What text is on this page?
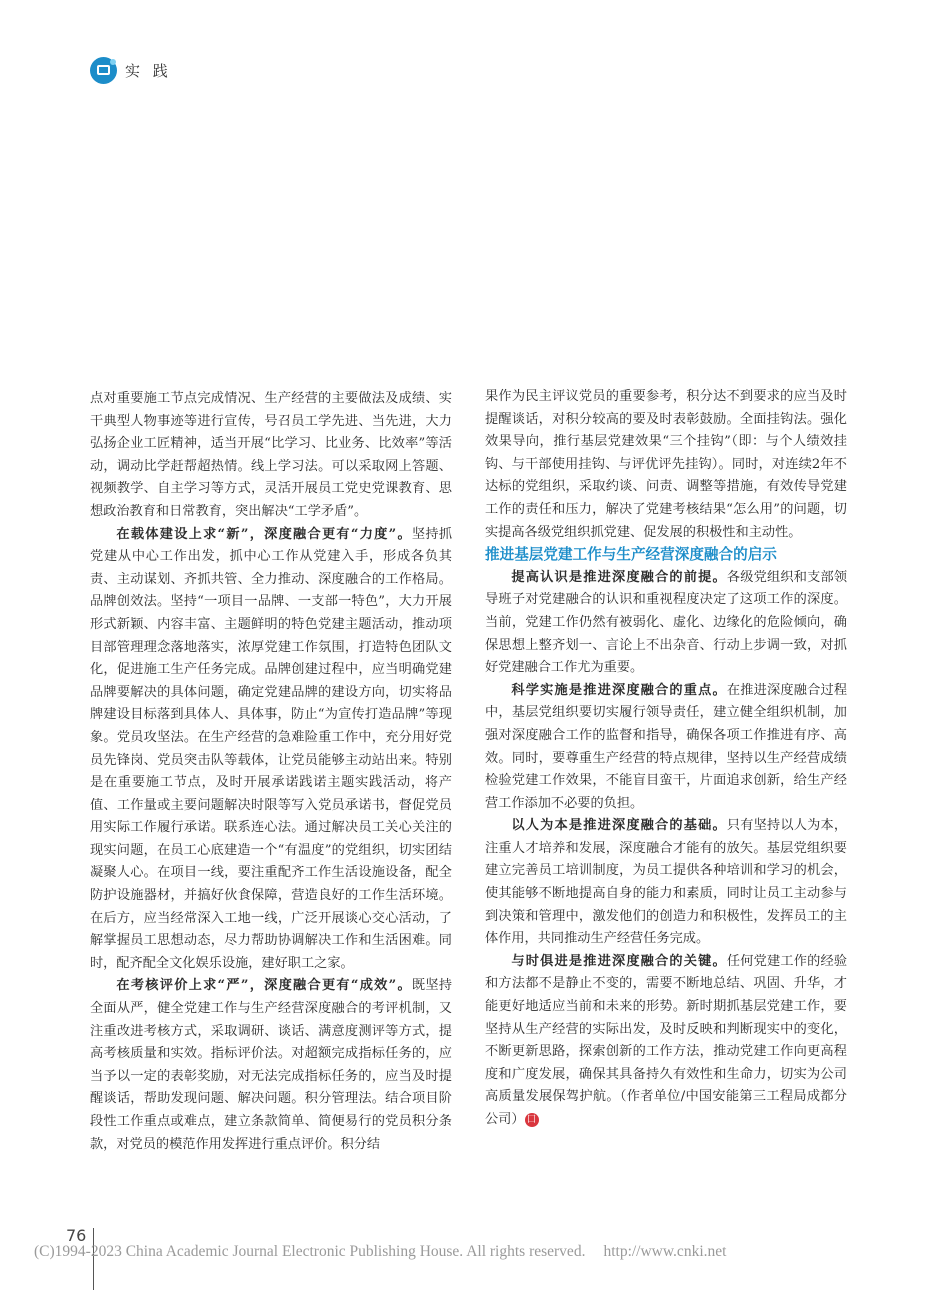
实 践

点对重要施工节点完成情况、生产经营的主要做法及成绩、实干典型人物事迹等进行宣传，号召员工学先进、当先进，大力弘扬企业工匠精神，适当开展“比学习、比业务、比效率”等活动，调动比学赶帮超热情。线上学习法。可以采取网上答题、视频教学、自主学习等方式，灵活开展员工党史党课教育、思想政治教育和日常教育，突出解决“工学矛盾”。

在载体建设上求“新”，深度融合更有“力度”。坚持抓党建从中心工作出发，抓中心工作从党建入手，形成各负其责、主动谋划、齐抓共管、全力推动、深度融合的工作格局。品牌创效法。坚持“一项目一品牌、一支部一特色”，大力开展形式新颖、内容丰富、主题鲜明的特色党建主题活动，推动项目部管理理念落地落实，浓厚党建工作氛围，打造特色团队文化，促进施工生产任务完成。品牌创建过程中，应当明确党建品牌要解决的具体问题，确定党建品牌的建设方向，切实将品牌建设目标落到具体人、具体事，防止“为宣传打造品牌”等现象。党员攻坚法。在生产经营的急难险重工作中，充分用好党员先锋岗、党员突击队等载体，让党员能够主动站出来。特别是在重要施工节点，及时开展承诺践诺主题实践活动，将产值、工作量或主要问题解决时限等写入党员承诺书，督促党员用实际工作履行承诺。联系连心法。通过解决员工关心关注的现实问题，在员工心底建造一个“有温度”的党组织，切实团结凝聚人心。在项目一线，要注重配齐工作生活设施设备，配全防护设施器材，并搞好伙食保障，营造良好的工作生活环境。在后方，应当经常深入工地一线，广泛开展谈心交心活动，了解掌握员工思想动态，尽力帮助协调解决工作和生活困难。同时，配齐配全文化娱乐设施，建好职工之家。

在考核评价上求“严”，深度融合更有“成效”。既坚持全面从严，健全党建工作与生产经营深度融合的考评机制，又注重改进考核方式，采取调研、谈话、满意度测评等方式，提高考核质量和实效。指标评价法。对超额完成指标任务的，应当予以一定的表彰奖励，对无法完成指标任务的，应当及时提醒谈话，帮助发现问题、解决问题。积分管理法。结合项目阶段性工作重点或难点，建立条款简单、简便易行的党员积分条款，对党员的模范作用发挥进行重点评价。积分结

果作为民主评议党员的重要参考，积分达不到要求的应当及时提醒谈话，对积分较高的要及时表彰鼓励。全面挂钩法。强化效果导向，推行基层党建效果“三个挂钩”（即：与个人绩效挂钩、与干部使用挂钩、与评优评先挂钩）。同时，对连续2年不达标的党组织，采取约谈、问责、调整等措施，有效传导党建工作的责任和压力，解决了党建考核结果“怎么用”的问题，切实提高各级党组织抓党建、促发展的积极性和主动性。

推进基层党建工作与生产经营深度融合的启示

提高认识是推进深度融合的前提。各级党组织和支部领导班子对党建融合的认识和重视程度决定了这项工作的深度。当前，党建工作仍然有被弱化、虚化、边缘化的危险倾向，确保思想上整齐划一、言论上不出杂音、行动上步调一致，对抓好党建融合工作尤为重要。

科学实施是推进深度融合的重点。在推进深度融合过程中，基层党组织要切实履行领导责任，建立健全组织机制，加强对深度融合工作的监督和指导，确保各项工作推进有序、高效。同时，要尊重生产经营的特点规律，坚持以生产经营成绩检验党建工作效果，不能盲目蛮干，片面追求创新，给生产经营工作添加不必要的负担。

以人为本是推进深度融合的基础。只有坚持以人为本，注重人才培养和发展，深度融合才能有的放矢。基层党组织要建立完善员工培训制度，为员工提供各种培训和学习的机会，使其能够不断地提高自身的能力和素质，同时让员工主动参与到决策和管理中，激发他们的创造力和积极性，发挥员工的主体作用，共同推动生产经营任务完成。

与时俱进是推进深度融合的关键。任何党建工作的经验和方法都不是静止不变的，需要不断地总结、巩固、升华，才能更好地适应当前和未来的形势。新时期抓基层党建工作，要坚持从生产经营的实际出发，及时反映和判断现实中的变化，不断更新思路，探索创新的工作方法，推动党建工作向更高程度和广度发展，确保其具备持久有效性和生命力，切实为公司高质量发展保驾护航。（作者单位/中国安能第三工程局成都分公司） 囗

76
(C)1994-2023 China Academic Journal Electronic Publishing House. All rights reserved. http://www.cnki.net
